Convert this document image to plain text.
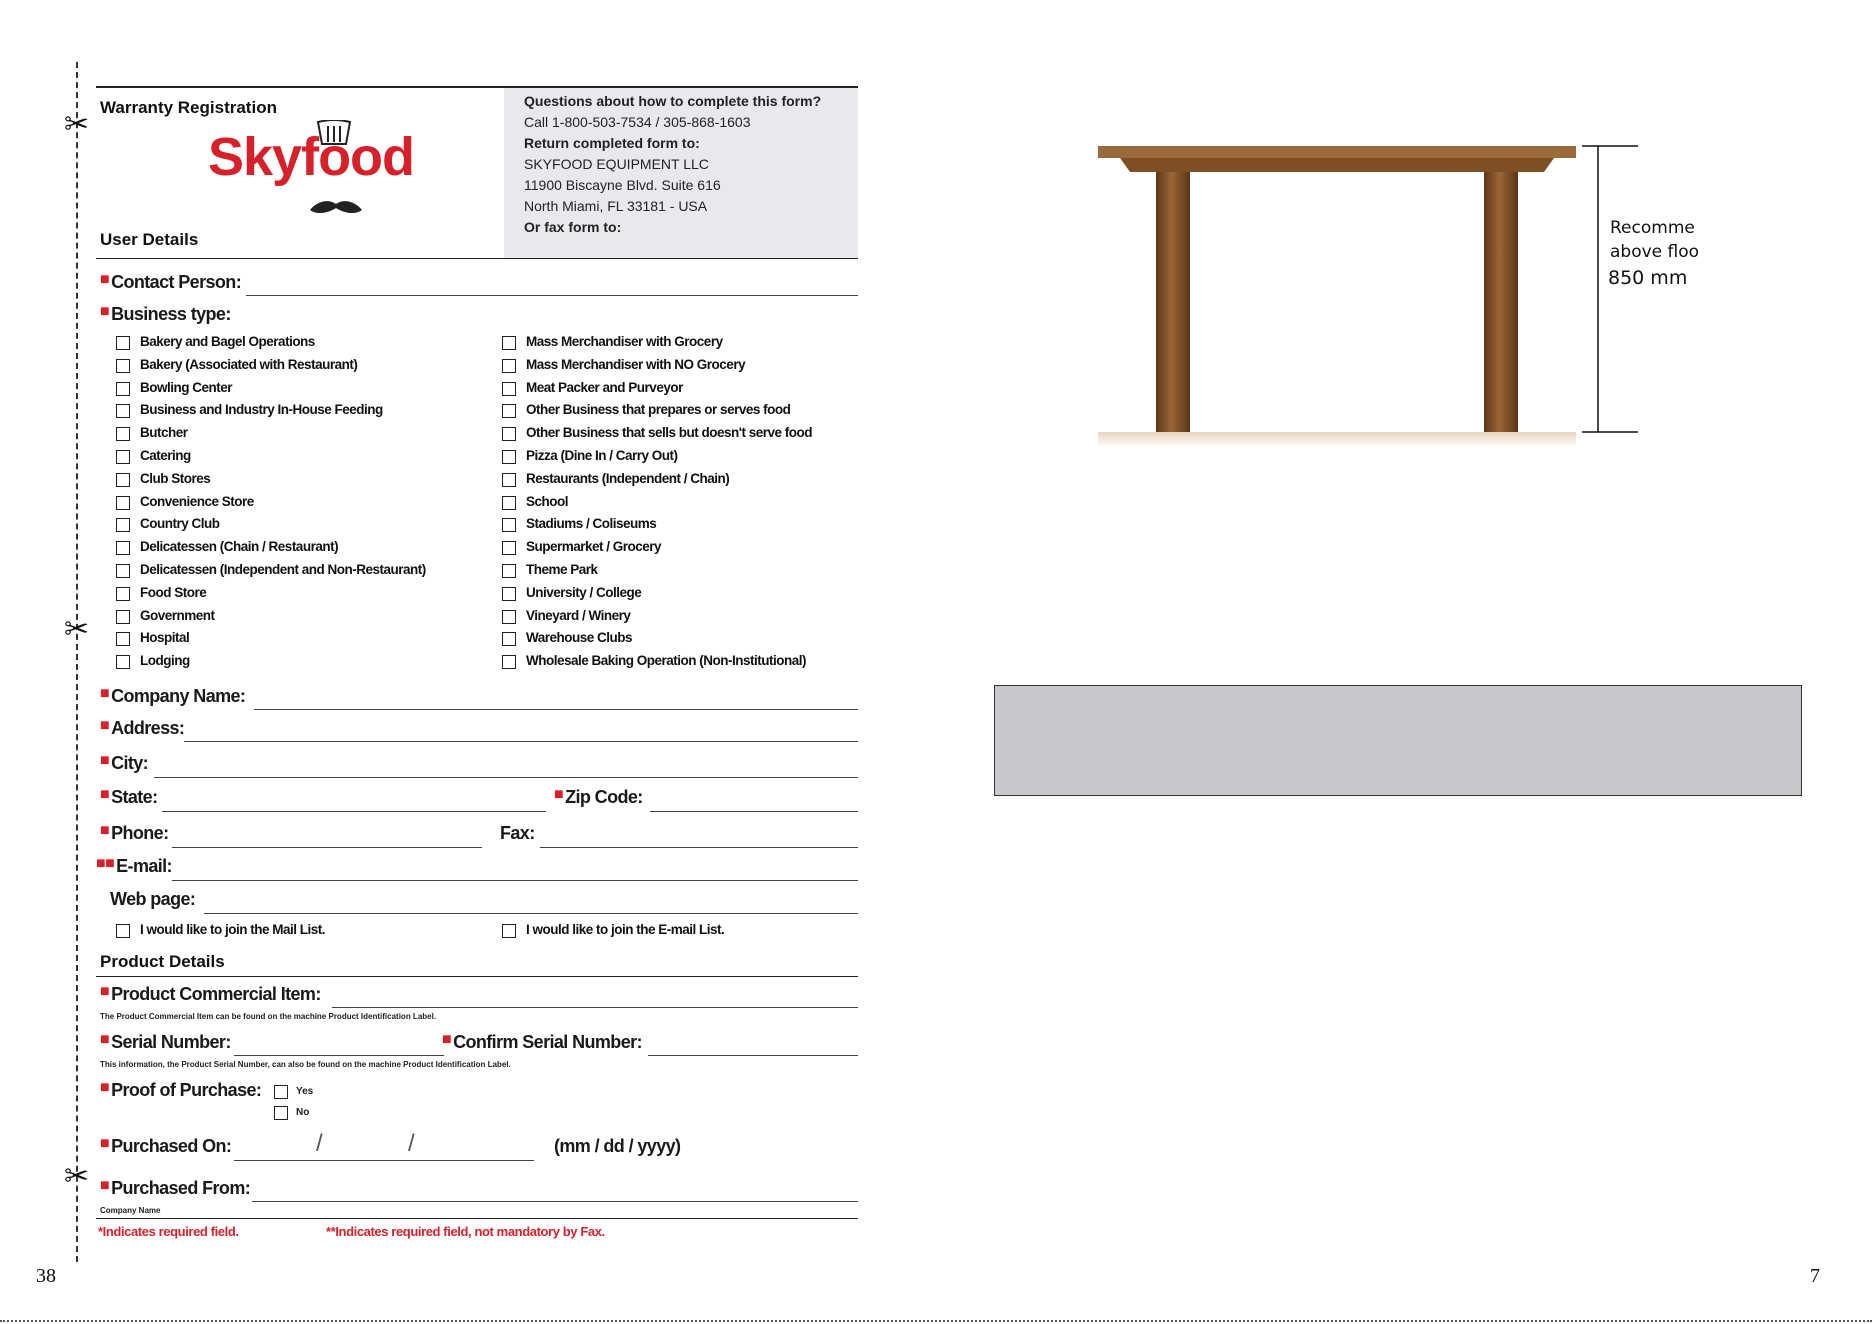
✂
✂
✂
38
Warranty Registration
Skyfood
Questions about how to complete this form?
Call 1-800-503-7534 / 305-868-1603
Return completed form to:
SKYFOOD EQUIPMENT LLC
11900 Biscayne Blvd. Suite 616
North Miami, FL 33181 - USA
Or fax form to:
User Details
■ Contact Person:
■ Business type:
Bakery and Bagel Operations
Bakery (Associated with Restaurant)
Bowling Center
Business and Industry In-House Feeding
Butcher
Catering
Club Stores
Convenience Store
Country Club
Delicatessen (Chain / Restaurant)
Delicatessen (Independent and Non-Restaurant)
Food Store
Government
Hospital
Lodging
Mass Merchandiser with Grocery
Mass Merchandiser with NO Grocery
Meat Packer and Purveyor
Other Business that prepares or serves food
Other Business that sells but doesn't serve food
Pizza (Dine In / Carry Out)
Restaurants (Independent / Chain)
School
Stadiums / Coliseums
Supermarket / Grocery
Theme Park
University / College
Vineyard / Winery
Warehouse Clubs
Wholesale Baking Operation (Non-Institutional)
■ Company Name:
■ Address:
■ City:
■ State:	■ Zip Code:
■ Phone:	Fax:
■■ E-mail:
Web page:
I would like to join the Mail List.	I would like to join the E-mail List.
Product Details
■ Product Commercial Item:
The Product Commercial Item can be found on the machine Product Identification Label.
■ Serial Number:	■ Confirm Serial Number:
This information, the Product Serial Number, can also be found on the machine Product Identification Label.
■ Proof of Purchase:	Yes
No
■ Purchased On:	/	/	(mm / dd / yyyy)
■ Purchased From:
Company Name
*Indicates required field.	**Indicates required field, not mandatory by Fax.
Recomme
above floo
850 mm
7
